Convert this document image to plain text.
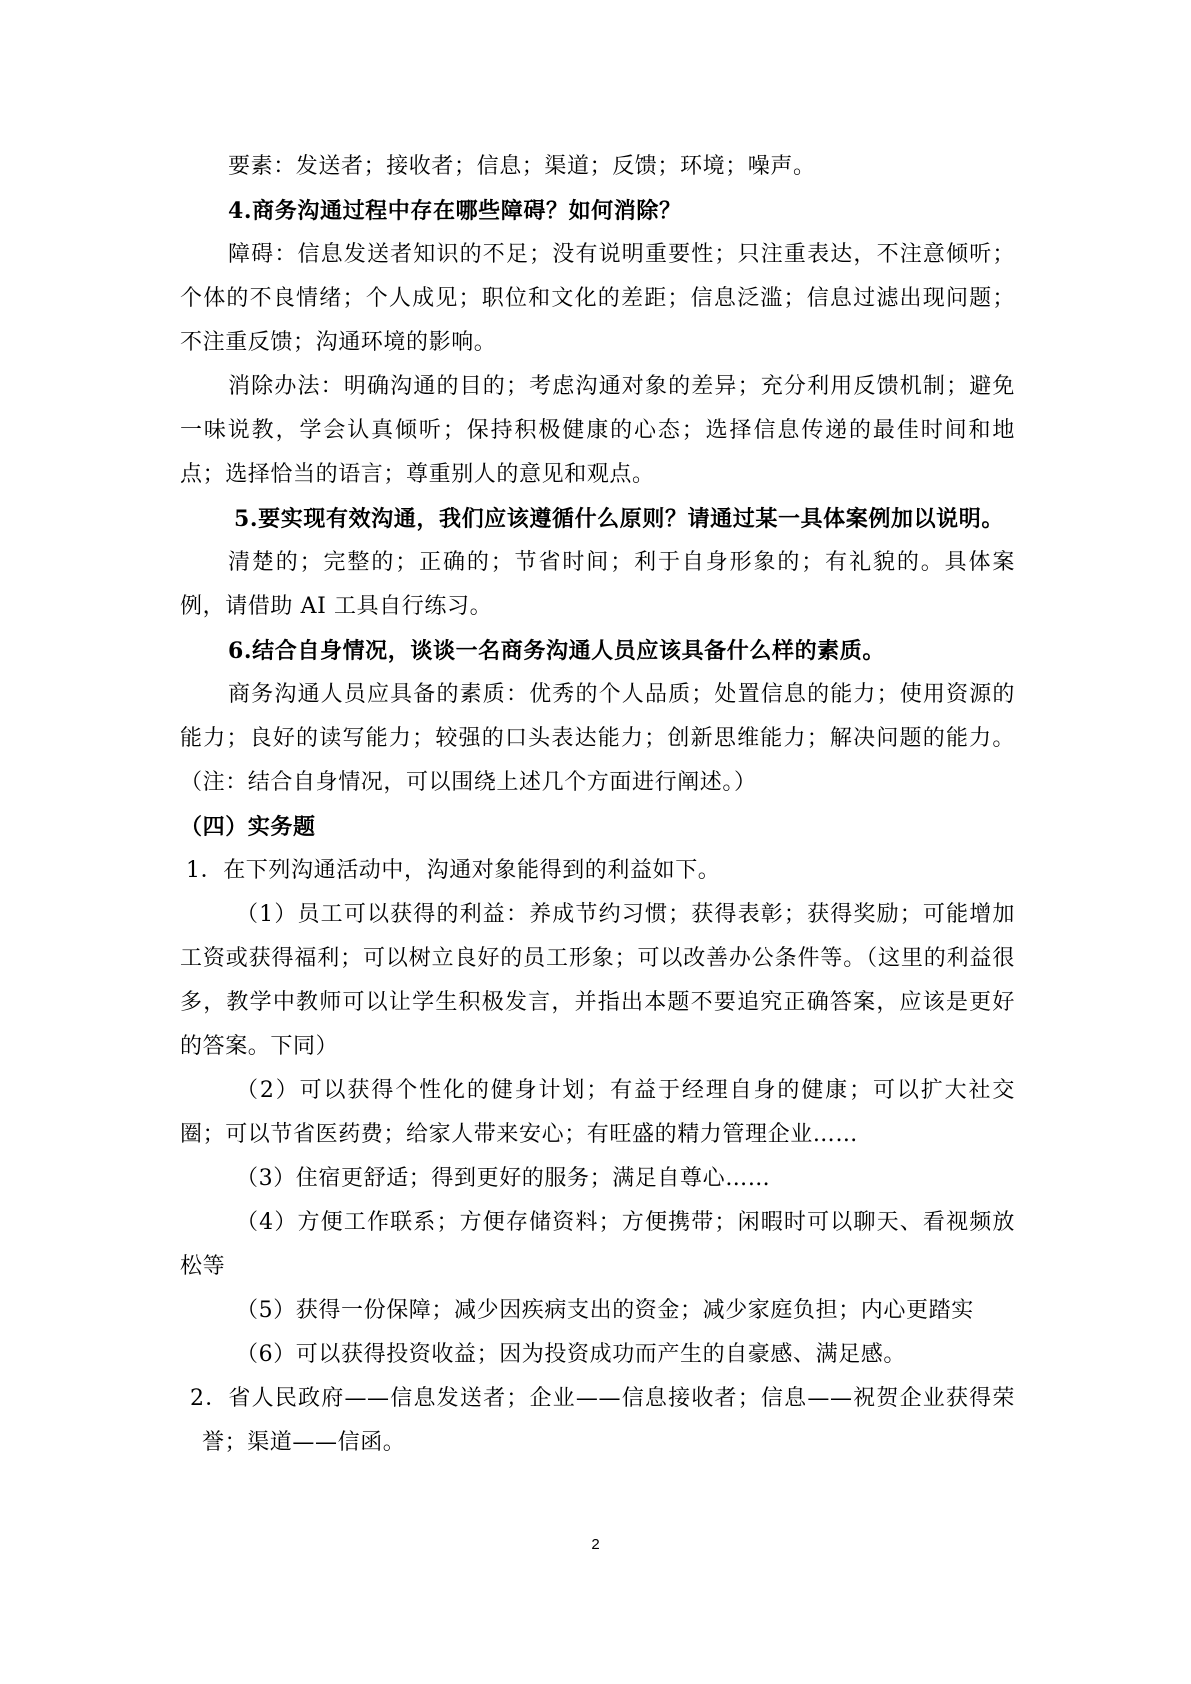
要素：发送者；接收者；信息；渠道；反馈；环境；噪声。

4.商务沟通过程中存在哪些障碍？如何消除？

障碍：信息发送者知识的不足；没有说明重要性；只注重表达，不注意倾听；个体的不良情绪；个人成见；职位和文化的差距；信息泛滥；信息过滤出现问题；不注重反馈；沟通环境的影响。

消除办法：明确沟通的目的；考虑沟通对象的差异；充分利用反馈机制；避免一味说教，学会认真倾听；保持积极健康的心态；选择信息传递的最佳时间和地点；选择恰当的语言；尊重别人的意见和观点。

5.要实现有效沟通，我们应该遵循什么原则？请通过某一具体案例加以说明。

清楚的；完整的；正确的；节省时间；利于自身形象的；有礼貌的。具体案例，请借助 AI 工具自行练习。

6.结合自身情况，谈谈一名商务沟通人员应该具备什么样的素质。

商务沟通人员应具备的素质：优秀的个人品质；处置信息的能力；使用资源的能力；良好的读写能力；较强的口头表达能力；创新思维能力；解决问题的能力。（注：结合自身情况，可以围绕上述几个方面进行阐述。）

（四）实务题

1．在下列沟通活动中，沟通对象能得到的利益如下。

（1）员工可以获得的利益：养成节约习惯；获得表彰；获得奖励；可能增加工资或获得福利；可以树立良好的员工形象；可以改善办公条件等。（这里的利益很多，教学中教师可以让学生积极发言，并指出本题不要追究正确答案，应该是更好的答案。下同）

（2）可以获得个性化的健身计划；有益于经理自身的健康；可以扩大社交圈；可以节省医药费；给家人带来安心；有旺盛的精力管理企业……

（3）住宿更舒适；得到更好的服务；满足自尊心……

（4）方便工作联系；方便存储资料；方便携带；闲暇时可以聊天、看视频放松等

（5）获得一份保障；减少因疾病支出的资金；减少家庭负担；内心更踏实

（6）可以获得投资收益；因为投资成功而产生的自豪感、满足感。

2．省人民政府——信息发送者；企业——信息接收者；信息——祝贺企业获得荣誉；渠道——信函。

2
